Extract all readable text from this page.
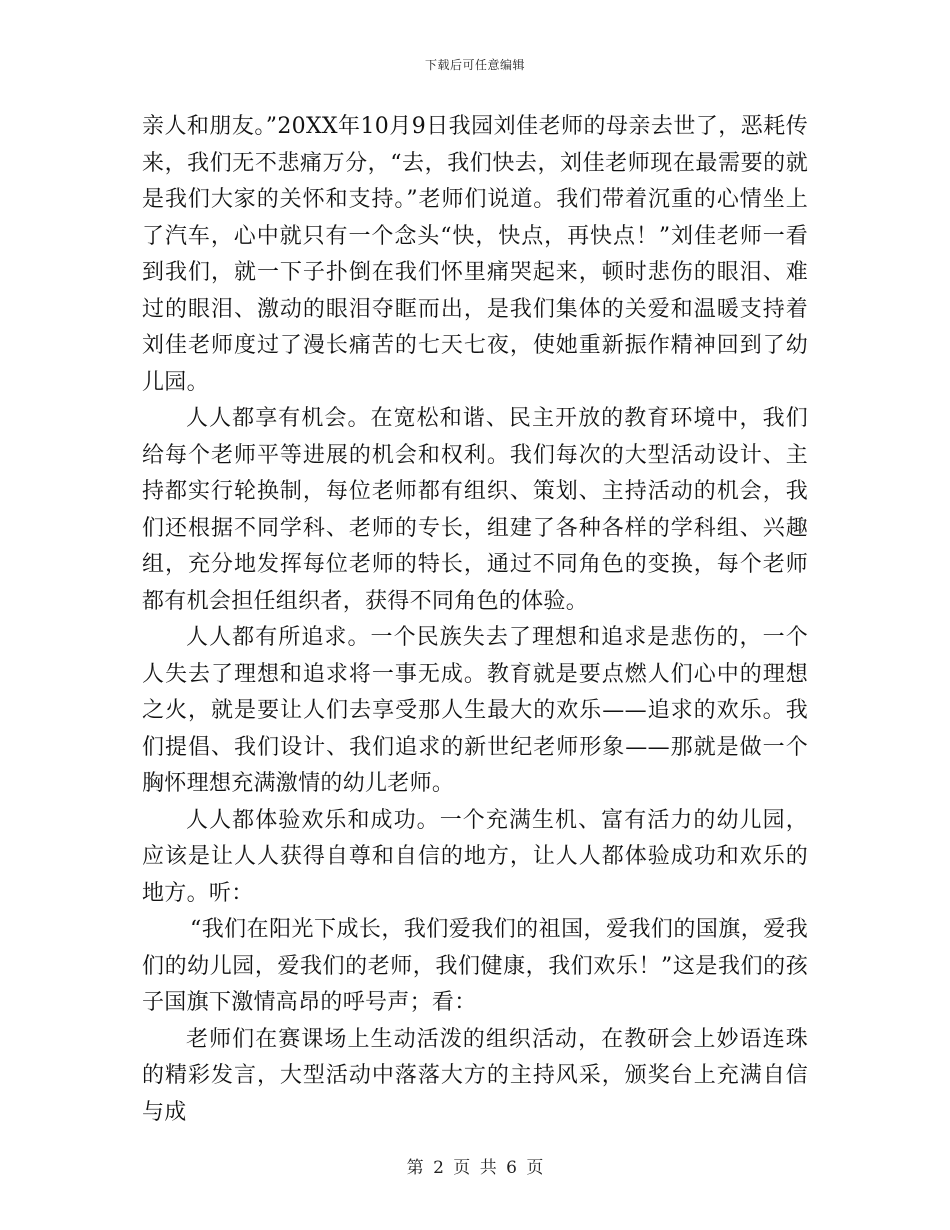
下载后可任意编辑

亲人和朋友。”20XX年10月9日我园刘佳老师的母亲去世了，恶耗传来，我们无不悲痛万分，“去，我们快去，刘佳老师现在最需要的就是我们大家的关怀和支持。”老师们说道。我们带着沉重的心情坐上了汽车，心中就只有一个念头“快，快点，再快点！”刘佳老师一看到我们，就一下子扑倒在我们怀里痛哭起来，顿时悲伤的眼泪、难过的眼泪、激动的眼泪夺眶而出，是我们集体的关爱和温暖支持着刘佳老师度过了漫长痛苦的七天七夜，使她重新振作精神回到了幼儿园。

人人都享有机会。在宽松和谐、民主开放的教育环境中，我们给每个老师平等进展的机会和权利。我们每次的大型活动设计、主持都实行轮换制，每位老师都有组织、策划、主持活动的机会，我们还根据不同学科、老师的专长，组建了各种各样的学科组、兴趣组，充分地发挥每位老师的特长，通过不同角色的变换，每个老师都有机会担任组织者，获得不同角色的体验。

人人都有所追求。一个民族失去了理想和追求是悲伤的，一个人失去了理想和追求将一事无成。教育就是要点燃人们心中的理想之火，就是要让人们去享受那人生最大的欢乐——追求的欢乐。我们提倡、我们设计、我们追求的新世纪老师形象——那就是做一个胸怀理想充满激情的幼儿老师。

人人都体验欢乐和成功。一个充满生机、富有活力的幼儿园，应该是让人人获得自尊和自信的地方，让人人都体验成功和欢乐的地方。听：

“我们在阳光下成长，我们爱我们的祖国，爱我们的国旗，爱我们的幼儿园，爱我们的老师，我们健康，我们欢乐！”这是我们的孩子国旗下激情高昂的呼号声；看：

老师们在赛课场上生动活泼的组织活动，在教研会上妙语连珠的精彩发言，大型活动中落落大方的主持风采，颁奖台上充满自信与成

第 2 页 共 6 页
